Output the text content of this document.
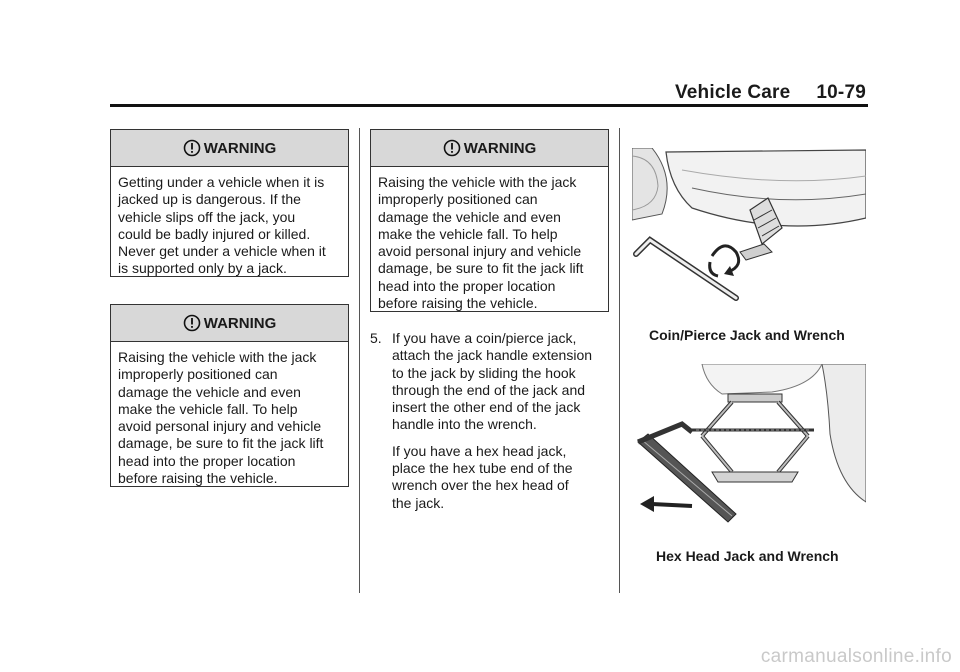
Vehicle Care 10-79
WARNING

Getting under a vehicle when it is

jacked up is dangerous. If the

vehicle slips off the jack, you

could be badly injured or killed.

Never get under a vehicle when it

is supported only by a jack.

WARNING

Raising the vehicle with the jack

improperly positioned can

damage the vehicle and even

make the vehicle fall. To help

avoid personal injury and vehicle

damage, be sure to fit the jack lift

head into the proper location

before raising the vehicle.

WARNING

Raising the vehicle with the jack

improperly positioned can

damage the vehicle and even

make the vehicle fall. To help

avoid personal injury and vehicle

damage, be sure to fit the jack lift

head into the proper location

before raising the vehicle.

5. If you have a coin/pierce jack,
attach the jack handle extension
to the jack by sliding the hook
through the end of the jack and
insert the other end of the jack
handle into the wrench.

If you have a hex head jack,
place the hex tube end of the
wrench over the hex head of
the jack.

Coin/Pierce Jack and Wrench
Hex Head Jack and Wrench
carmanualsonline.info
